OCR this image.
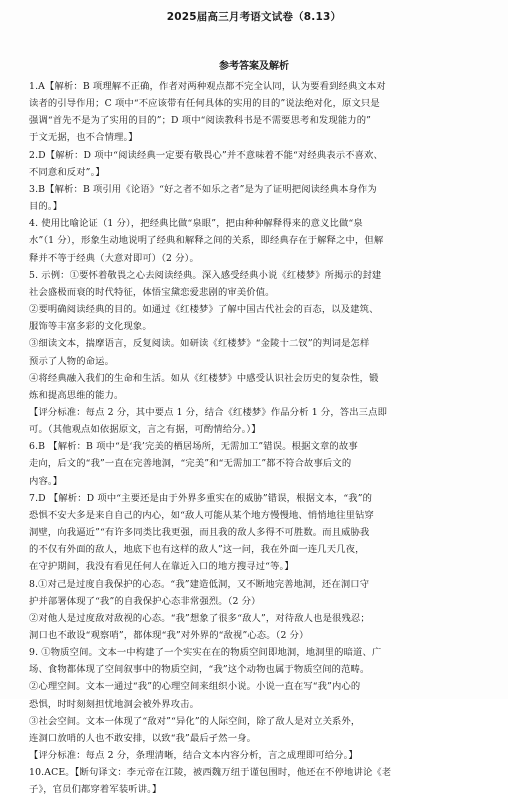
2025届高三月考语文试卷（8.13）
参考答案及解析
1.A【解析：B 项理解不正确，作者对两种观点都不完全认同，认为要看到经典文本对
读者的引导作用；C 项中“不应该带有任何具体的实用的目的”说法绝对化，原文只是
强调“首先不是为了实用的目的”；D 项中“阅读教科书是不需要思考和发现能力的”
于文无据，也不合情理。】
2.D【解析：D 项中“阅读经典一定要有敬畏心”并不意味着不能“对经典表示不喜欢、
不同意和反对”。】
3.B【解析：B 项引用《论语》“好之者不如乐之者”是为了证明把阅读经典本身作为
目的。】
4. 使用比喻论证（1 分），把经典比做“泉眼”，把由种种解释得来的意义比做“泉
水”（1 分），形象生动地说明了经典和解释之间的关系，即经典存在于解释之中，但解
释并不等于经典（大意对即可）（2 分）。
5. 示例：①要怀着敬畏之心去阅读经典。深入感受经典小说《红楼梦》所揭示的封建
社会盛极而衰的时代特征，体悟宝黛恋爱悲剧的审美价值。
②要明确阅读经典的目的。如通过《红楼梦》了解中国古代社会的百态，以及建筑、
服饰等丰富多彩的文化现象。
③细读文本，揣摩语言，反复阅读。如研读《红楼梦》“金陵十二钗”的判词是怎样
预示了人物的命运。
④将经典融入我们的生命和生活。如从《红楼梦》中感受认识社会历史的复杂性，锻
炼和提高思维的能力。
【评分标准：每点 2 分，其中要点 1 分，结合《红楼梦》作品分析 1 分，答出三点即
可。（其他观点如依据原文，言之有据，可酌情给分。）】
6.B 【解析：B 项中“是‘我’完美的栖居场所，无需加工”错误。根据文章的故事
走向，后文的“我”一直在完善地洞，“完美”和“无需加工”都不符合故事后文的
内容。】
7.D 【解析：D 项中“主要还是由于外界多重实在的威胁”错误，根据文本，“我”的
恐惧不安大多是来自自己的内心，如“敌人可能从某个地方慢慢地、悄悄地往里钻穿
洞壁，向我逼近”“有许多同类比我更强，而且我的敌人多得不可胜数。而且威胁我
的不仅有外面的敌人，地底下也有这样的敌人”这一问，我在外面一连几天几夜，
在守护期间，我没有看见任何人在靠近入口的地方搜寻过“等。】
8.①对己是过度自我保护的心态。“我”建造低洞，又不断地完善地洞，还在洞口守
护并部署体现了“我”的自我保护心态非常强烈。（2 分）
②对他人是过度敌对敌视的心态。“我”想象了很多“敌人”，对待敌人也是很残忍；
洞口也不敢设“观察哨”，都体现“我”对外界的“敌视”心态。（2 分）
9. ①物质空间。文本一中构建了一个实实在在的物质空间即地洞，地洞里的暗道、广
场、食物都体现了空间叙事中的物质空间，“我”这个动物也属于物质空间的范畴。
②心理空间。文本一通过“我”的心理空间来组织小说。小说一直在写“我”内心的
恐惧，时时刻刻担忧地洞会被外界攻击。
③社会空间。文本一体现了“敌对”“异化”的人际空间，除了敌人是对立关系外，
连洞口放哨的人也不敢安排，以致“我”最后孑然一身。
【评分标准：每点 2 分，条理清晰，结合文本内容分析，言之成理即可给分。】
10.ACE。【断句译文：李元帝在江陵，被西魏万纽于谨包围时，他还在不停地讲论《老
子》，官员们都穿着军装听讲。】
